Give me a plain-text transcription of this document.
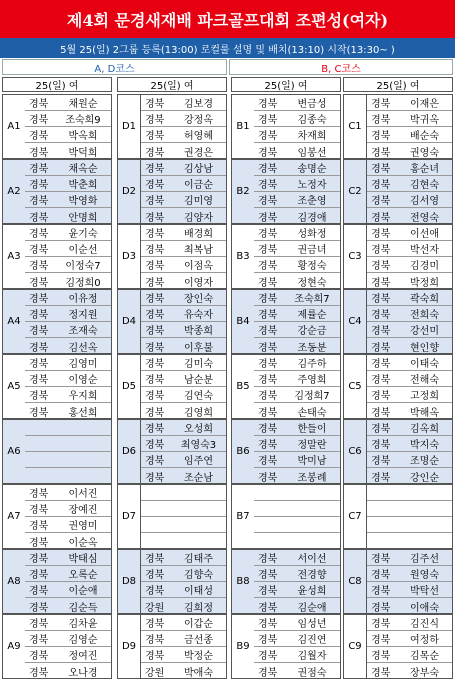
제4회 문경새재배 파크골프대회 조편성(여자)
5월 25(일) 2그룹 등록(13:00) 로컬룰 설명 및 배치(13:10) 시작(13:30~ )
A, D코스	B, C코스
25(일) 여
A1
경북	채원순
경북	조숙희9
경북	박옥희
경북	박덕희
A2
경북	채옥순
경북	박춘희
경북	박영화
경북	안명희
A3
경북	윤기숙
경북	이순선
경북	이정숙7
경북	김정희0
A4
경북	이유정
경북	정지원
경북	조재숙
경북	김선옥
A5
경북	김영미
경북	이영순
경북	우지희
경북	홍선희
A6
A7
경북	이서진
경북	장예진
경북	권영미
경북	이순옥
A8
경북	박태심
경북	오록순
경북	이순애
경북	김순득
A9
경북	김차윤
경북	김영순
경북	정여진
경북	오나경
25(일) 여
D1
경북	김보경
경북	강정옥
경북	허영혜
경북	권경은
D2
경북	김상남
경북	이금순
경북	김미영
경북	김양자
D3
경북	배경희
경북	최복남
경북	이점옥
경북	이영자
D4
경북	장인숙
경북	유숙자
경북	박종희
경북	이후불
D5
경북	김미숙
경북	남순분
경북	김연숙
경북	김영희
D6
경북	오성희
경북	최영숙3
경북	임주연
경북	조순남
D7
D8
경북	김태주
경북	김향숙
경북	이태성
강원	김희정
D9
경북	이갑순
경북	금선종
경북	박정순
강원	박애숙
25(일) 여
B1
경북	변금성
경북	김종숙
경북	차재희
경북	임봉선
B2
경북	송명순
경북	노정자
경북	조춘영
경북	김경애
B3
경북	성화정
경북	권금녀
경북	황정숙
경북	정현숙
B4
경북	조숙희7
경북	제률순
경북	강순금
경북	조동분
B5
경북	김주하
경북	주영희
경북	김정희7
경북	손태숙
B6
경북	한들이
경북	정말란
경북	박미남
경북	조봉례
B7
B8
경북	서이선
경북	전경향
경북	윤성희
경북	김순애
B9
경북	임성년
경북	김진연
경북	김월자
경북	권점숙
25(일) 여
C1
경북	이재은
경북	박귀옥
경북	배순숙
경북	권영숙
C2
경북	홍순녀
경북	김현숙
경북	김서영
경북	전영숙
C3
경북	이선애
경북	박선자
경북	김경미
경북	박정희
C4
경북	곽숙희
경북	전희숙
경북	강선미
경북	현인향
C5
경북	이태숙
경북	전해숙
경북	고정희
경북	박해옥
C6
경북	김옥희
경북	박지숙
경북	조명순
경북	강인순
C7
C8
경북	김주선
경북	원영숙
경북	박탁선
경북	이애숙
C9
경북	김진식
경북	여정하
경북	김목순
경북	장부숙
